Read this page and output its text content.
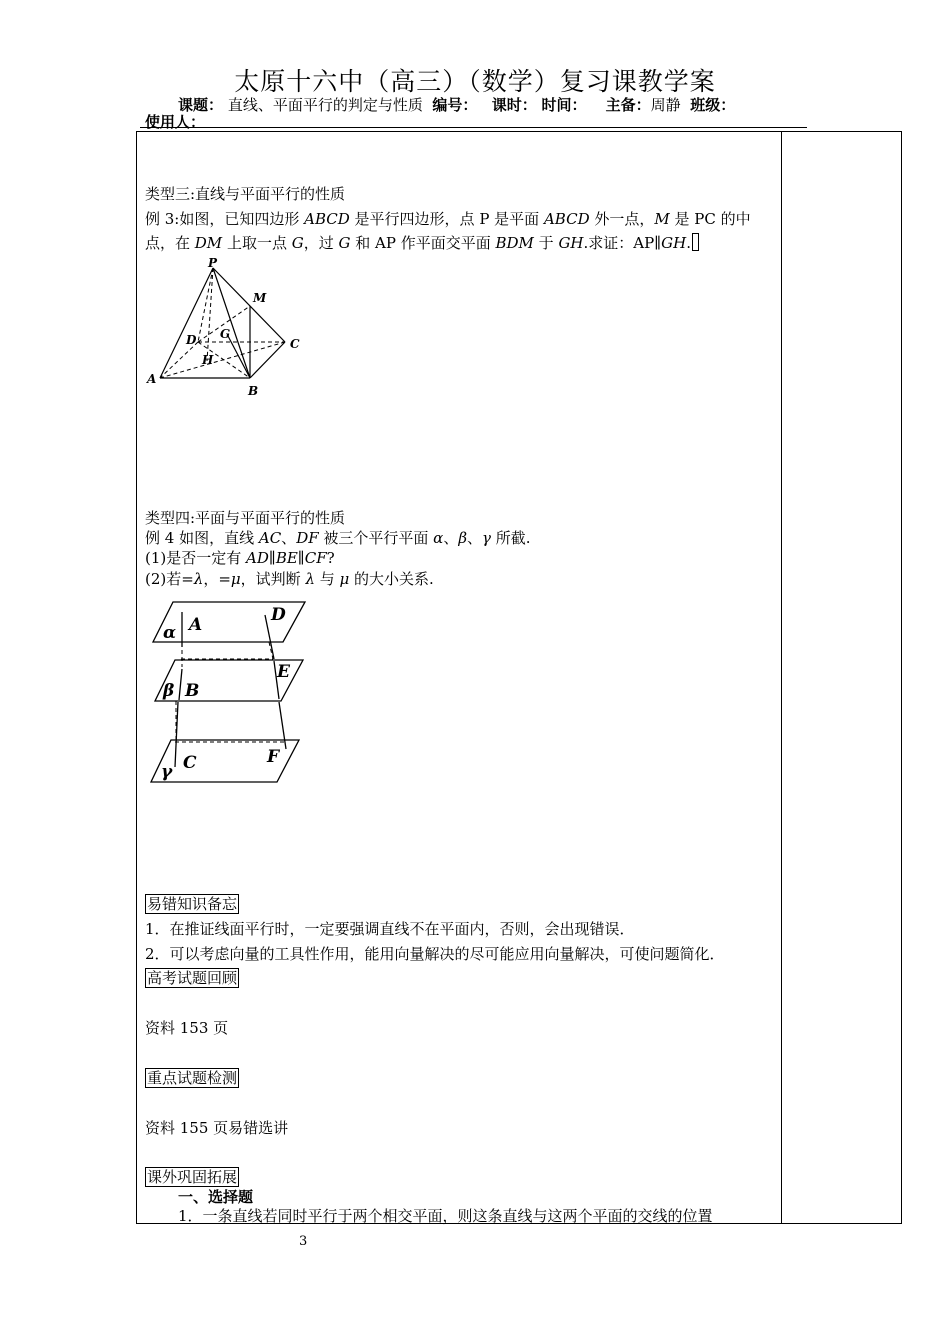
太原十六中（高三）（数学）复习课教学案
课题： 直线、平面平行的判定与性质 编号： 课时： 时间： 主备：周静 班级：
使用人：
类型三:直线与平面平行的性质
例 3:如图，已知四边形 ABCD 是平行四边形，点 P 是平面 ABCD 外一点，M 是 PC 的中
点，在 DM 上取一点 G，过 G 和 AP 作平面交平面 BDM 于 GH.求证：AP∥GH.
P
M
D G
C
H
A
B
类型四:平面与平面平行的性质
例 4 如图，直线 AC、DF 被三个平行平面 α、β、γ 所截.
(1)是否一定有 AD∥BE∥CF?
(2)若=λ，=μ，试判断 λ 与 μ 的大小关系.
α A	D
β B
E
γ C	F
易错知识备忘
1．在推证线面平行时，一定要强调直线不在平面内，否则，会出现错误．
2．可以考虑向量的工具性作用，能用向量解决的尽可能应用向量解决，可使问题简化．
高考试题回顾
资料 153 页
重点试题检测
资料 155 页易错选讲
课外巩固拓展
一、选择题
1．一条直线若同时平行于两个相交平面，则这条直线与这两个平面的交线的位置
3
